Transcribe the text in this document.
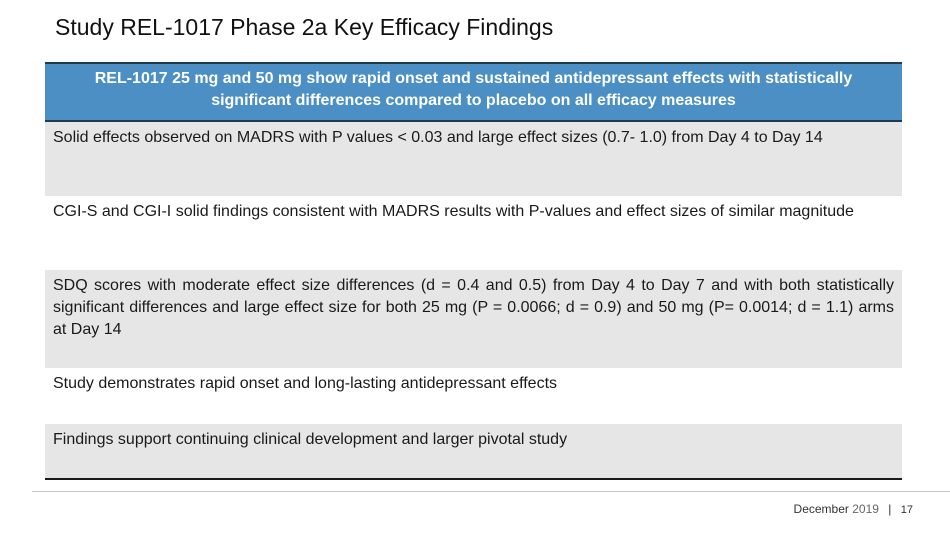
Study REL-1017 Phase 2a Key Efficacy Findings
REL-1017 25 mg and 50 mg show rapid onset and sustained antidepressant effects with statistically significant differences compared to placebo on all efficacy measures
Solid effects observed on MADRS with P values < 0.03 and large effect sizes (0.7- 1.0) from Day 4 to Day 14
CGI-S and CGI-I solid findings consistent with MADRS results with P-values and effect sizes of similar magnitude
SDQ scores with moderate effect size differences (d = 0.4 and 0.5) from Day 4 to Day 7 and with both statistically significant differences and large effect size for both 25 mg (P = 0.0066; d = 0.9) and 50 mg (P= 0.0014; d = 1.1) arms at Day 14
Study demonstrates rapid onset and long-lasting antidepressant effects
Findings support continuing clinical development and larger pivotal study
December 2019 | 17
